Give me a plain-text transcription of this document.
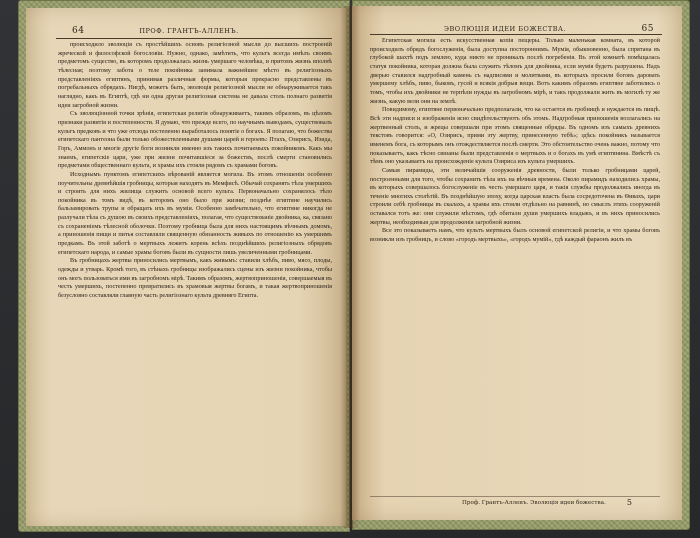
64	ПРОФ. ГРАНТЪ-АЛЛЕНЪ.

происходило эволюція съ простѣйшихъ основъ религіозной мысли до высшихъ построеній жреческой и философской богословіи. Нужно, однако, замѣтить, что культъ всегда имѣлъ своимъ предметомъ существо, въ которомъ продолжалась жизнь умершаго человѣка, и притомъ жизнь вполнѣ тѣлесная; поэтому забота о теле покойника занимала важнейшее мѣсто въ религіозныхъ представленіяхъ египтянъ, принимая различныя формы, которыя прекрасно представлены въ погребальныхъ обрядахъ. Нигдѣ, можетъ быть, эволюція религіозной мысли не обнаруживается такъ наглядно, какъ въ Египтѣ, гдѣ ни одна другая религіозная система не давала столь полнаго развитія идеи загробной жизни.

Съ эволюціонной точки зрѣнія, египетская религія обнаруживаетъ, такимъ образомъ, въ цѣломъ признаки развитія и постепенности. Я думаю, что прежде всего, по научнымъ выводамъ, существовалъ культъ предковъ и что уже отсюда постепенно выработалось понятіе о богахъ. Я полагаю, что божества египетскаго пантеона были только обожествленными душами царей и героевъ: Птахъ, Озирисъ, Изида, Горъ, Аммонъ и многіе другіе боги возникли именно изъ такихъ почитаемыхъ покойниковъ. Какъ мы знаемъ, египетскіе цари, уже при жизни почитавшіеся за божествъ, послѣ смерти становились предметами общественнаго культа, и храмы ихъ стояли рядомъ съ храмами боговъ.

Исходнымъ пунктомъ египетскихъ вѣрованій является могила. Въ этомъ отношеніи особенно поучительны древнѣйшія гробницы, которыя находятъ въ Мемфисѣ. Обычай сохранять тѣла умершихъ и строить для нихъ жилища служитъ основой всего культа. Первоначально сохранялось тѣло покойника въ томъ видѣ, въ которомъ оно было при жизни; позднѣе египтяне научились бальзамировать трупы и обращать ихъ въ муміи. Особенно замѣчательно, что египтяне никогда не разлучали тѣла съ душою въ своихъ представленіяхъ, полагая, что существованіе двойника, ка, связано съ сохраненіемъ тѣлесной оболочки. Поэтому гробница была для нихъ настоящимъ вѣчнымъ домомъ, а приношенія пищи и питья составляли священную обязанность живыхъ по отношенію къ умершимъ предкамъ. Въ этой заботѣ о мертвыхъ лежитъ корень всѣхъ позднѣйшихъ религіозныхъ обрядовъ египетскаго народа, и самые храмы боговъ были въ сущности лишь увеличенными гробницами.

Въ гробницахъ жертвы приносились мертвымъ, какъ живымъ: ставили хлѣбъ, пиво, мясо, плоды, одежды и утварь. Кромѣ того, въ стѣнахъ гробницы изображались сцены изъ жизни покойника, чтобы онъ могъ пользоваться ими въ загробномъ мірѣ. Такимъ образомъ, жертвоприношенія, совершаемыя въ честь умершихъ, постепенно превратились въ храмовыя жертвы богамъ, и такая жертвоприношенія безусловно составляли главную часть религіознаго культа древняго Египта.

ЭВОЛЮЦІЯ ИДЕИ БОЖЕСТВА.	65

Египетская могила есть искусственная копія пещеры. Только маленькая комната, въ которой происходилъ обрядъ богослуженія, была доступна постороннимъ. Мумія, обыкновенно, была спрятана въ глубокой шахтѣ подъ землею, куда никто не проникалъ послѣ погребенія. Въ этой комнатѣ помѣщалась статуя покойника, которая должна была служить тѣломъ для двойника, если мумія будетъ разрушена. Надъ дверью ставился надгробный камень съ надписями и молитвами, въ которыхъ просили боговъ даровать умершему хлѣбъ, пиво, быковъ, гусей и всякія добрыя вещи. Вотъ какимъ образомъ египтяне заботились о томъ, чтобы ихъ двойники не терпѣли нужды въ загробномъ мірѣ, и такъ продолжали жить въ могилѣ ту же жизнь, какую вели они на землѣ.

Повидимому, египтяне первоначально предполагали, что ка остается въ гробницѣ и нуждается въ пищѣ. Всѣ эти надписи и изображенія ясно свидѣтельствуютъ объ этомъ. Надгробныя приношенія возлагались на жертвенный столъ, и жрецы совершали при этомъ священные обряды. Въ одномъ изъ самыхъ древнихъ текстовъ говорится: «О, Озирисъ, прими эту жертву, принесенную тебѣ»; здѣсь покойникъ называется именемъ бога, съ которымъ онъ отождествляется послѣ смерти. Это обстоятельство очень важно, потому что показываетъ, какъ тѣсно связаны были представленія о мертвыхъ и о богахъ въ умѣ египтянина. Вмѣстѣ съ тѣмъ оно указываетъ на происхожденіе культа Озириса изъ культа умершихъ.

Самыя пирамиды, эти величайшія сооруженія древности, были только гробницами царей, построенными для того, чтобы сохранить тѣла ихъ на вѣчныя времена. Около пирамидъ находились храмы, въ которыхъ совершалось богослуженіе въ честь умершаго царя, и такія службы продолжались иногда въ теченіе многихъ столѣтій. Въ позднѣйшую эпоху, когда царская власть была сосредоточена въ Ѳивахъ, цари строили себѣ гробницы въ скалахъ, а храмы ихъ стояли отдѣльно на равнинѣ, но смыслъ этихъ сооруженій оставался тотъ же: они служили мѣстомъ, гдѣ обитали души умершихъ владыкъ, и въ нихъ приносились жертвы, необходимыя для продолженія загробной жизни.

Все это показываетъ намъ, что культъ мертвыхъ былъ основой египетской религіи, и что храмы боговъ возникли изъ гробницъ, и слово «городъ мертвыхъ», «городъ мумій», гдѣ каждый фараонъ жилъ въ

Проф. Грантъ-Алленъ. Эволюція идеи божества.	5
